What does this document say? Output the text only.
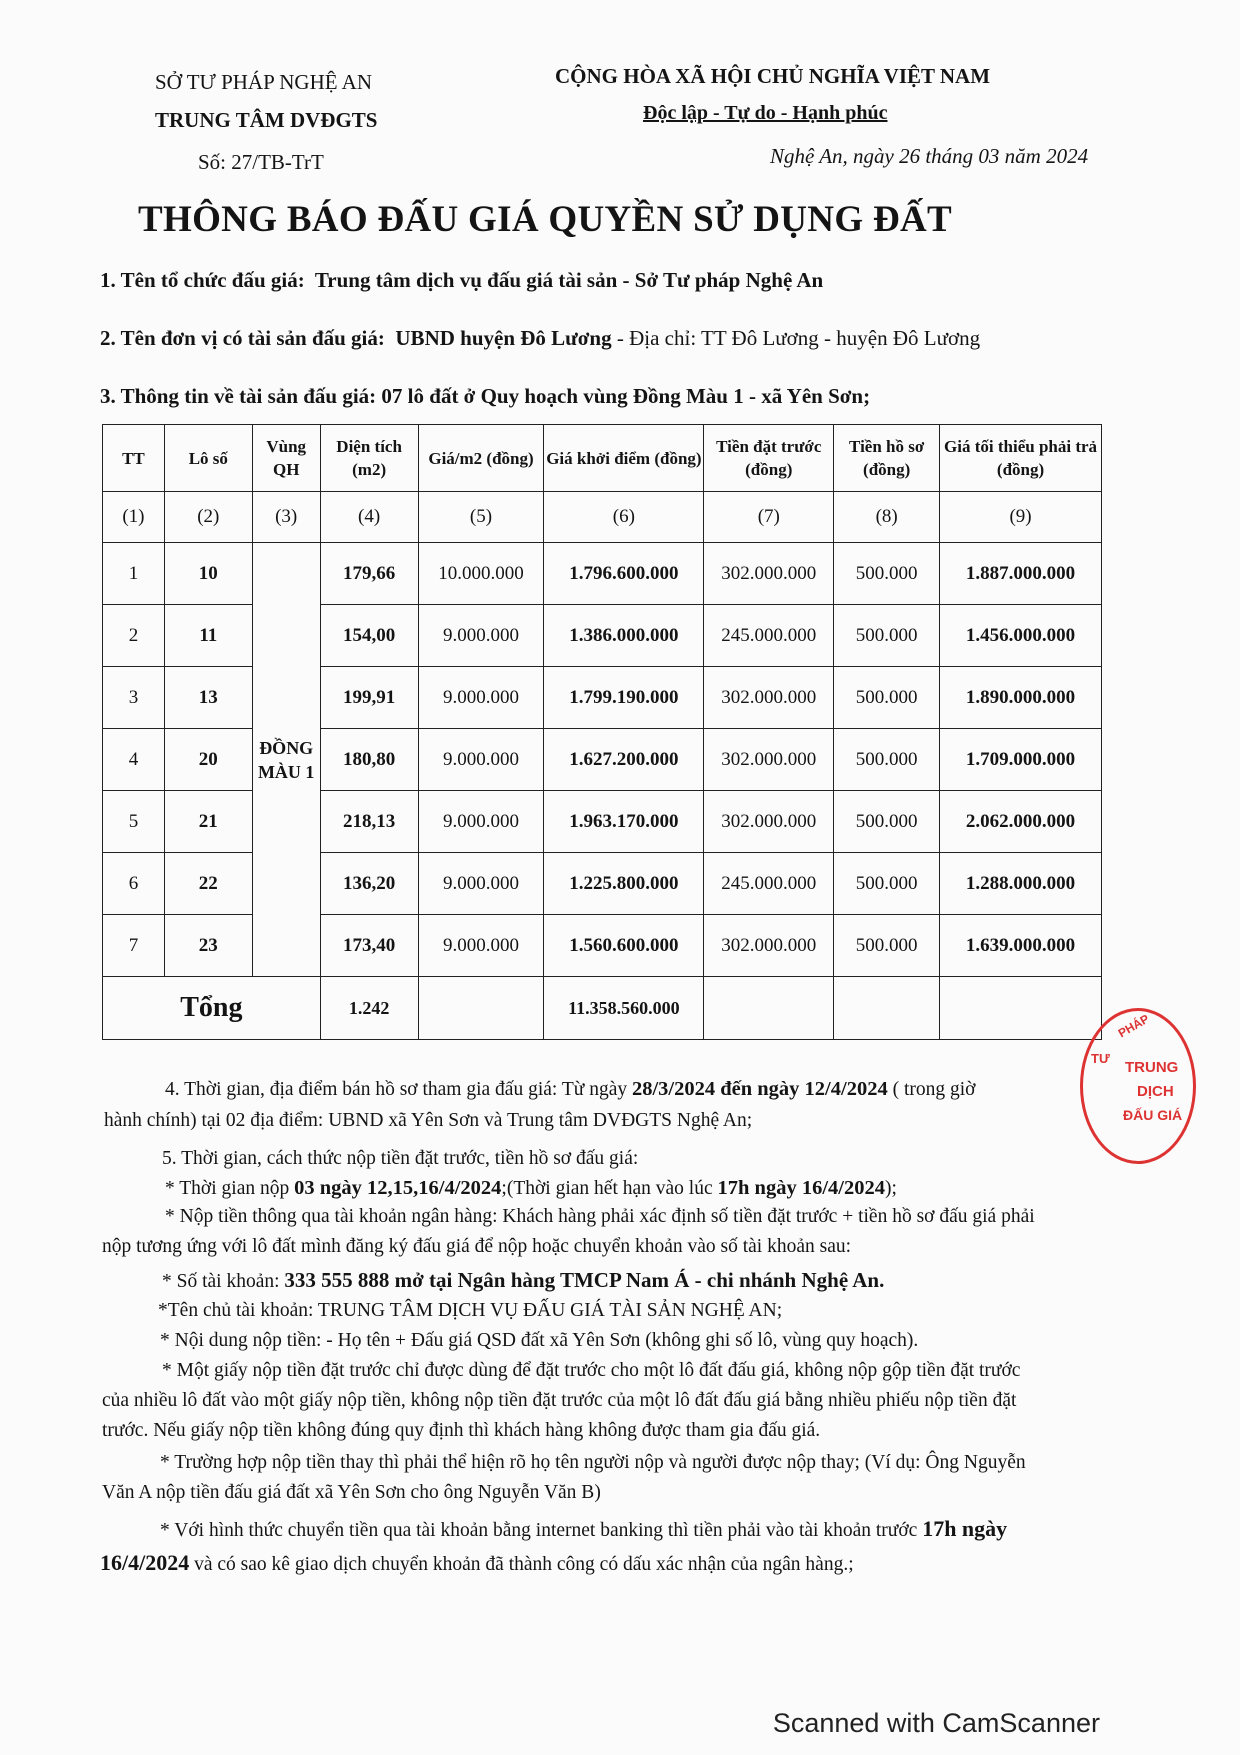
SỞ TƯ PHÁP NGHỆ AN
TRUNG TÂM DVĐGTS
Số: 27/TB-TrT
CỘNG HÒA XÃ HỘI CHỦ NGHĨA VIỆT NAM
Độc lập - Tự do - Hạnh phúc
Nghệ An, ngày 26 tháng 03 năm 2024
THÔNG BÁO ĐẤU GIÁ QUYỀN SỬ DỤNG ĐẤT
1. Tên tổ chức đấu giá: Trung tâm dịch vụ đấu giá tài sản - Sở Tư pháp Nghệ An
2. Tên đơn vị có tài sản đấu giá: UBND huyện Đô Lương - Địa chỉ: TT Đô Lương - huyện Đô Lương
3. Thông tin về tài sản đấu giá: 07 lô đất ở Quy hoạch vùng Đồng Màu 1 - xã Yên Sơn;
TT	Lô số	Vùng QH	Diện tích (m2)	Giá/m2 (đồng)	Giá khởi điểm (đồng)	Tiền đặt trước (đồng)	Tiền hồ sơ (đồng)	Giá tối thiểu phải trả (đồng)
(1)	(2)	(3)	(4)	(5)	(6)	(7)	(8)	(9)
1	10	ĐỒNG MÀU 1	179,66	10.000.000	1.796.600.000	302.000.000	500.000	1.887.000.000
2	11		154,00	9.000.000	1.386.000.000	245.000.000	500.000	1.456.000.000
3	13		199,91	9.000.000	1.799.190.000	302.000.000	500.000	1.890.000.000
4	20		180,80	9.000.000	1.627.200.000	302.000.000	500.000	1.709.000.000
5	21		218,13	9.000.000	1.963.170.000	302.000.000	500.000	2.062.000.000
6	22		136,20	9.000.000	1.225.800.000	245.000.000	500.000	1.288.000.000
7	23		173,40	9.000.000	1.560.600.000	302.000.000	500.000	1.639.000.000
Tổng			1.242		11.358.560.000			
4. Thời gian, địa điểm bán hồ sơ tham gia đấu giá: Từ ngày 28/3/2024 đến ngày 12/4/2024 ( trong giờ
hành chính) tại 02 địa điểm: UBND xã Yên Sơn và Trung tâm DVĐGTS Nghệ An;
5. Thời gian, cách thức nộp tiền đặt trước, tiền hồ sơ đấu giá:
* Thời gian nộp 03 ngày 12,15,16/4/2024;(Thời gian hết hạn vào lúc 17h ngày 16/4/2024);
* Nộp tiền thông qua tài khoản ngân hàng: Khách hàng phải xác định số tiền đặt trước + tiền hồ sơ đấu giá phải
nộp tương ứng với lô đất mình đăng ký đấu giá để nộp hoặc chuyển khoản vào số tài khoản sau:
* Số tài khoản: 333 555 888 mở tại Ngân hàng TMCP Nam Á - chi nhánh Nghệ An.
*Tên chủ tài khoản: TRUNG TÂM DỊCH VỤ ĐẤU GIÁ TÀI SẢN NGHỆ AN;
* Nội dung nộp tiền: - Họ tên + Đấu giá QSD đất xã Yên Sơn (không ghi số lô, vùng quy hoạch).
* Một giấy nộp tiền đặt trước chỉ được dùng để đặt trước cho một lô đất đấu giá, không nộp gộp tiền đặt trước
của nhiều lô đất vào một giấy nộp tiền, không nộp tiền đặt trước của một lô đất đấu giá bằng nhiều phiếu nộp tiền đặt
trước. Nếu giấy nộp tiền không đúng quy định thì khách hàng không được tham gia đấu giá.
* Trường hợp nộp tiền thay thì phải thể hiện rõ họ tên người nộp và người được nộp thay; (Ví dụ: Ông Nguyễn
Văn A nộp tiền đấu giá đất xã Yên Sơn cho ông Nguyễn Văn B)
* Với hình thức chuyển tiền qua tài khoản bằng internet banking thì tiền phải vào tài khoản trước 17h ngày
16/4/2024 và có sao kê giao dịch chuyển khoản đã thành công có dấu xác nhận của ngân hàng.;
PHÁP
TƯ
TRUNG
DỊCH
ĐẤU GIÁ
Scanned with CamScanner
